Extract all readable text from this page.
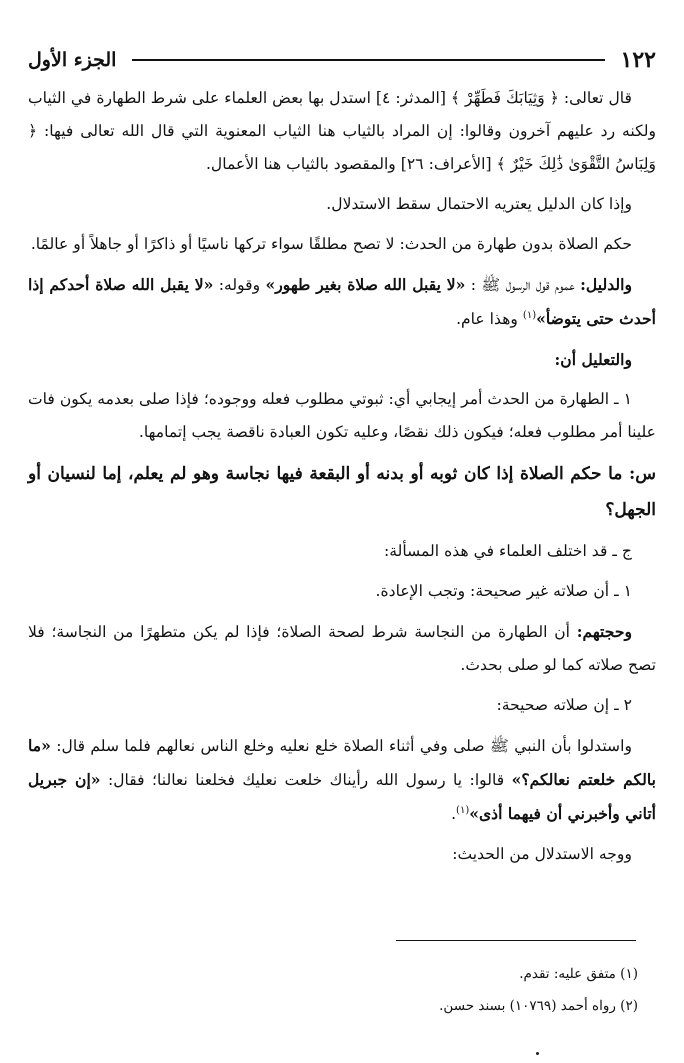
١٢٢
الجزء الأول

قال تعالى: ﴿ وَثِيَابَكَ فَطَهِّرْ ﴾ [المدثر: ٤] استدل بها بعض العلماء على شرط الطهارة في الثياب ولكنه رد عليهم آخرون وقالوا: إن المراد بالثياب هنا الثياب المعنوية التي قال الله تعالى فيها: ﴿ وَلِبَاسُ التَّقْوَىٰ ذَٰلِكَ خَيْرٌ ﴾ [الأعراف: ٢٦] والمقصود بالثياب هنا الأعمال.

وإذا كان الدليل يعتريه الاحتمال سقط الاستدلال.

حكم الصلاة بدون طهارة من الحدث: لا تصح مطلقًا سواء تركها ناسيًا أو ذاكرًا أو جاهلاً أو عالمًا.

والدليل: عموم قول الرسول ﷺ : «لا يقبل الله صلاة بغير طهور» وقوله: «لا يقبل الله صلاة أحدكم إذا أحدث حتى يتوضأ»$^{(١)}$ وهذا عام.

والتعليل أن:

١ ـ الطهارة من الحدث أمر إيجابي أي: ثبوتي مطلوب فعله ووجوده؛ فإذا صلى بعدمه يكون فات علينا أمر مطلوب فعله؛ فيكون ذلك نقصًا، وعليه تكون العبادة ناقصة يجب إتمامها.

س: ما حكم الصلاة إذا كان ثوبه أو بدنه أو البقعة فيها نجاسة وهو لم يعلم، إما لنسيان أو الجهل؟

ج ـ قد اختلف العلماء في هذه المسألة:

١ ـ أن صلاته غير صحيحة: وتجب الإعادة.

وحجتهم: أن الطهارة من النجاسة شرط لصحة الصلاة؛ فإذا لم يكن متطهرًا من النجاسة؛ فلا تصح صلاته كما لو صلى بحدث.

٢ ـ إن صلاته صحيحة:

واستدلوا بأن النبي ﷺ صلى وفي أثناء الصلاة خلع نعليه وخلع الناس نعالهم فلما سلم قال: «ما بالكم خلعتم نعالكم؟» قالوا: يا رسول الله رأيناك خلعت نعليك فخلعنا نعالنا؛ فقال: «إن جبريل أتاني وأخبرني أن فيهما أذى»$^{(١)}$.

ووجه الاستدلال من الحديث:

(١) متفق عليه: تقدم.

(٢) رواه أحمد (١٠٧٦٩) بسند حسن.
